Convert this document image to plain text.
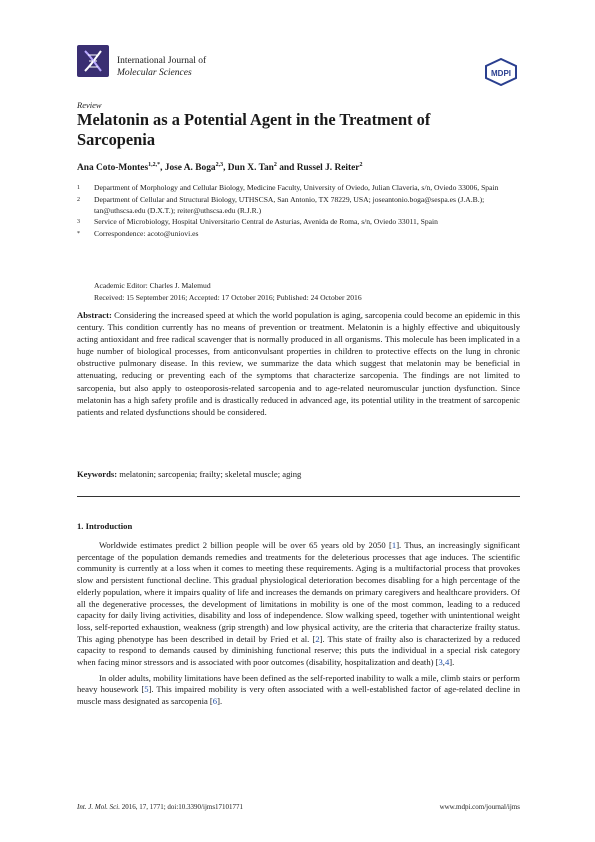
International Journal of
Molecular Sciences	MDPI
Review
Melatonin as a Potential Agent in the Treatment of Sarcopenia
Ana Coto-Montes$^{1,2,*}$, Jose A. Boga$^{2,3}$, Dun X. Tan$^2$ and Russel J. Reiter$^2$
1	Department of Morphology and Cellular Biology, Medicine Faculty, University of Oviedo, Julian Claveria, s/n, Oviedo 33006, Spain
2	Department of Cellular and Structural Biology, UTHSCSA, San Antonio, TX 78229, USA; joseantonio.boga@sespa.es (J.A.B.); tan@uthscsa.edu (D.X.T.); reiter@uthscsa.edu (R.J.R.)
3	Service of Microbiology, Hospital Universitario Central de Asturias, Avenida de Roma, s/n, Oviedo 33011, Spain
*	Correspondence: acoto@uniovi.es
Academic Editor: Charles J. Malemud
Received: 15 September 2016; Accepted: 17 October 2016; Published: 24 October 2016
Abstract: Considering the increased speed at which the world population is aging, sarcopenia could become an epidemic in this century. This condition currently has no means of prevention or treatment. Melatonin is a highly effective and ubiquitously acting antioxidant and free radical scavenger that is normally produced in all organisms. This molecule has been implicated in a huge number of biological processes, from anticonvulsant properties in children to protective effects on the lung in chronic obstructive pulmonary disease. In this review, we summarize the data which suggest that melatonin may be beneficial in attenuating, reducing or preventing each of the symptoms that characterize sarcopenia. The findings are not limited to sarcopenia, but also apply to osteoporosis-related sarcopenia and to age-related neuromuscular junction dysfunction. Since melatonin has a high safety profile and is drastically reduced in advanced age, its potential utility in the treatment of sarcopenic patients and related dysfunctions should be considered.
Keywords: melatonin; sarcopenia; frailty; skeletal muscle; aging
1. Introduction

Worldwide estimates predict 2 billion people will be over 65 years old by 2050 [1]. Thus, an increasingly significant percentage of the population demands remedies and treatments for the deleterious processes that age induces. The scientific community is currently at a loss when it comes to meeting these requirements. Aging is a multifactorial process that provokes slow and persistent functional decline. This gradual physiological deterioration becomes disabling for a high percentage of the elderly population, where it impairs quality of life and increases the demands on primary caregivers and healthcare providers. Of all the degenerative processes, the development of limitations in mobility is one of the most common, leading to a reduced capacity for daily living activities, disability and loss of independence. Slow walking speed, together with unintentional weight loss, self-reported exhaustion, weakness (grip strength) and low physical activity, are the criteria that characterize frailty status. This aging phenotype has been described in detail by Fried et al. [2]. This state of frailty also is characterized by a reduced capacity to respond to demands caused by diminishing functional reserve; this puts the individual in a special risk category when facing minor stressors and is associated with poor outcomes (disability, hospitalization and death) [3,4].

In older adults, mobility limitations have been defined as the self-reported inability to walk a mile, climb stairs or perform heavy housework [5]. This impaired mobility is very often associated with a well-established factor of age-related decline in muscle mass designated as sarcopenia [6].

Int. J. Mol. Sci. 2016, 17, 1771; doi:10.3390/ijms17101771	www.mdpi.com/journal/ijms
